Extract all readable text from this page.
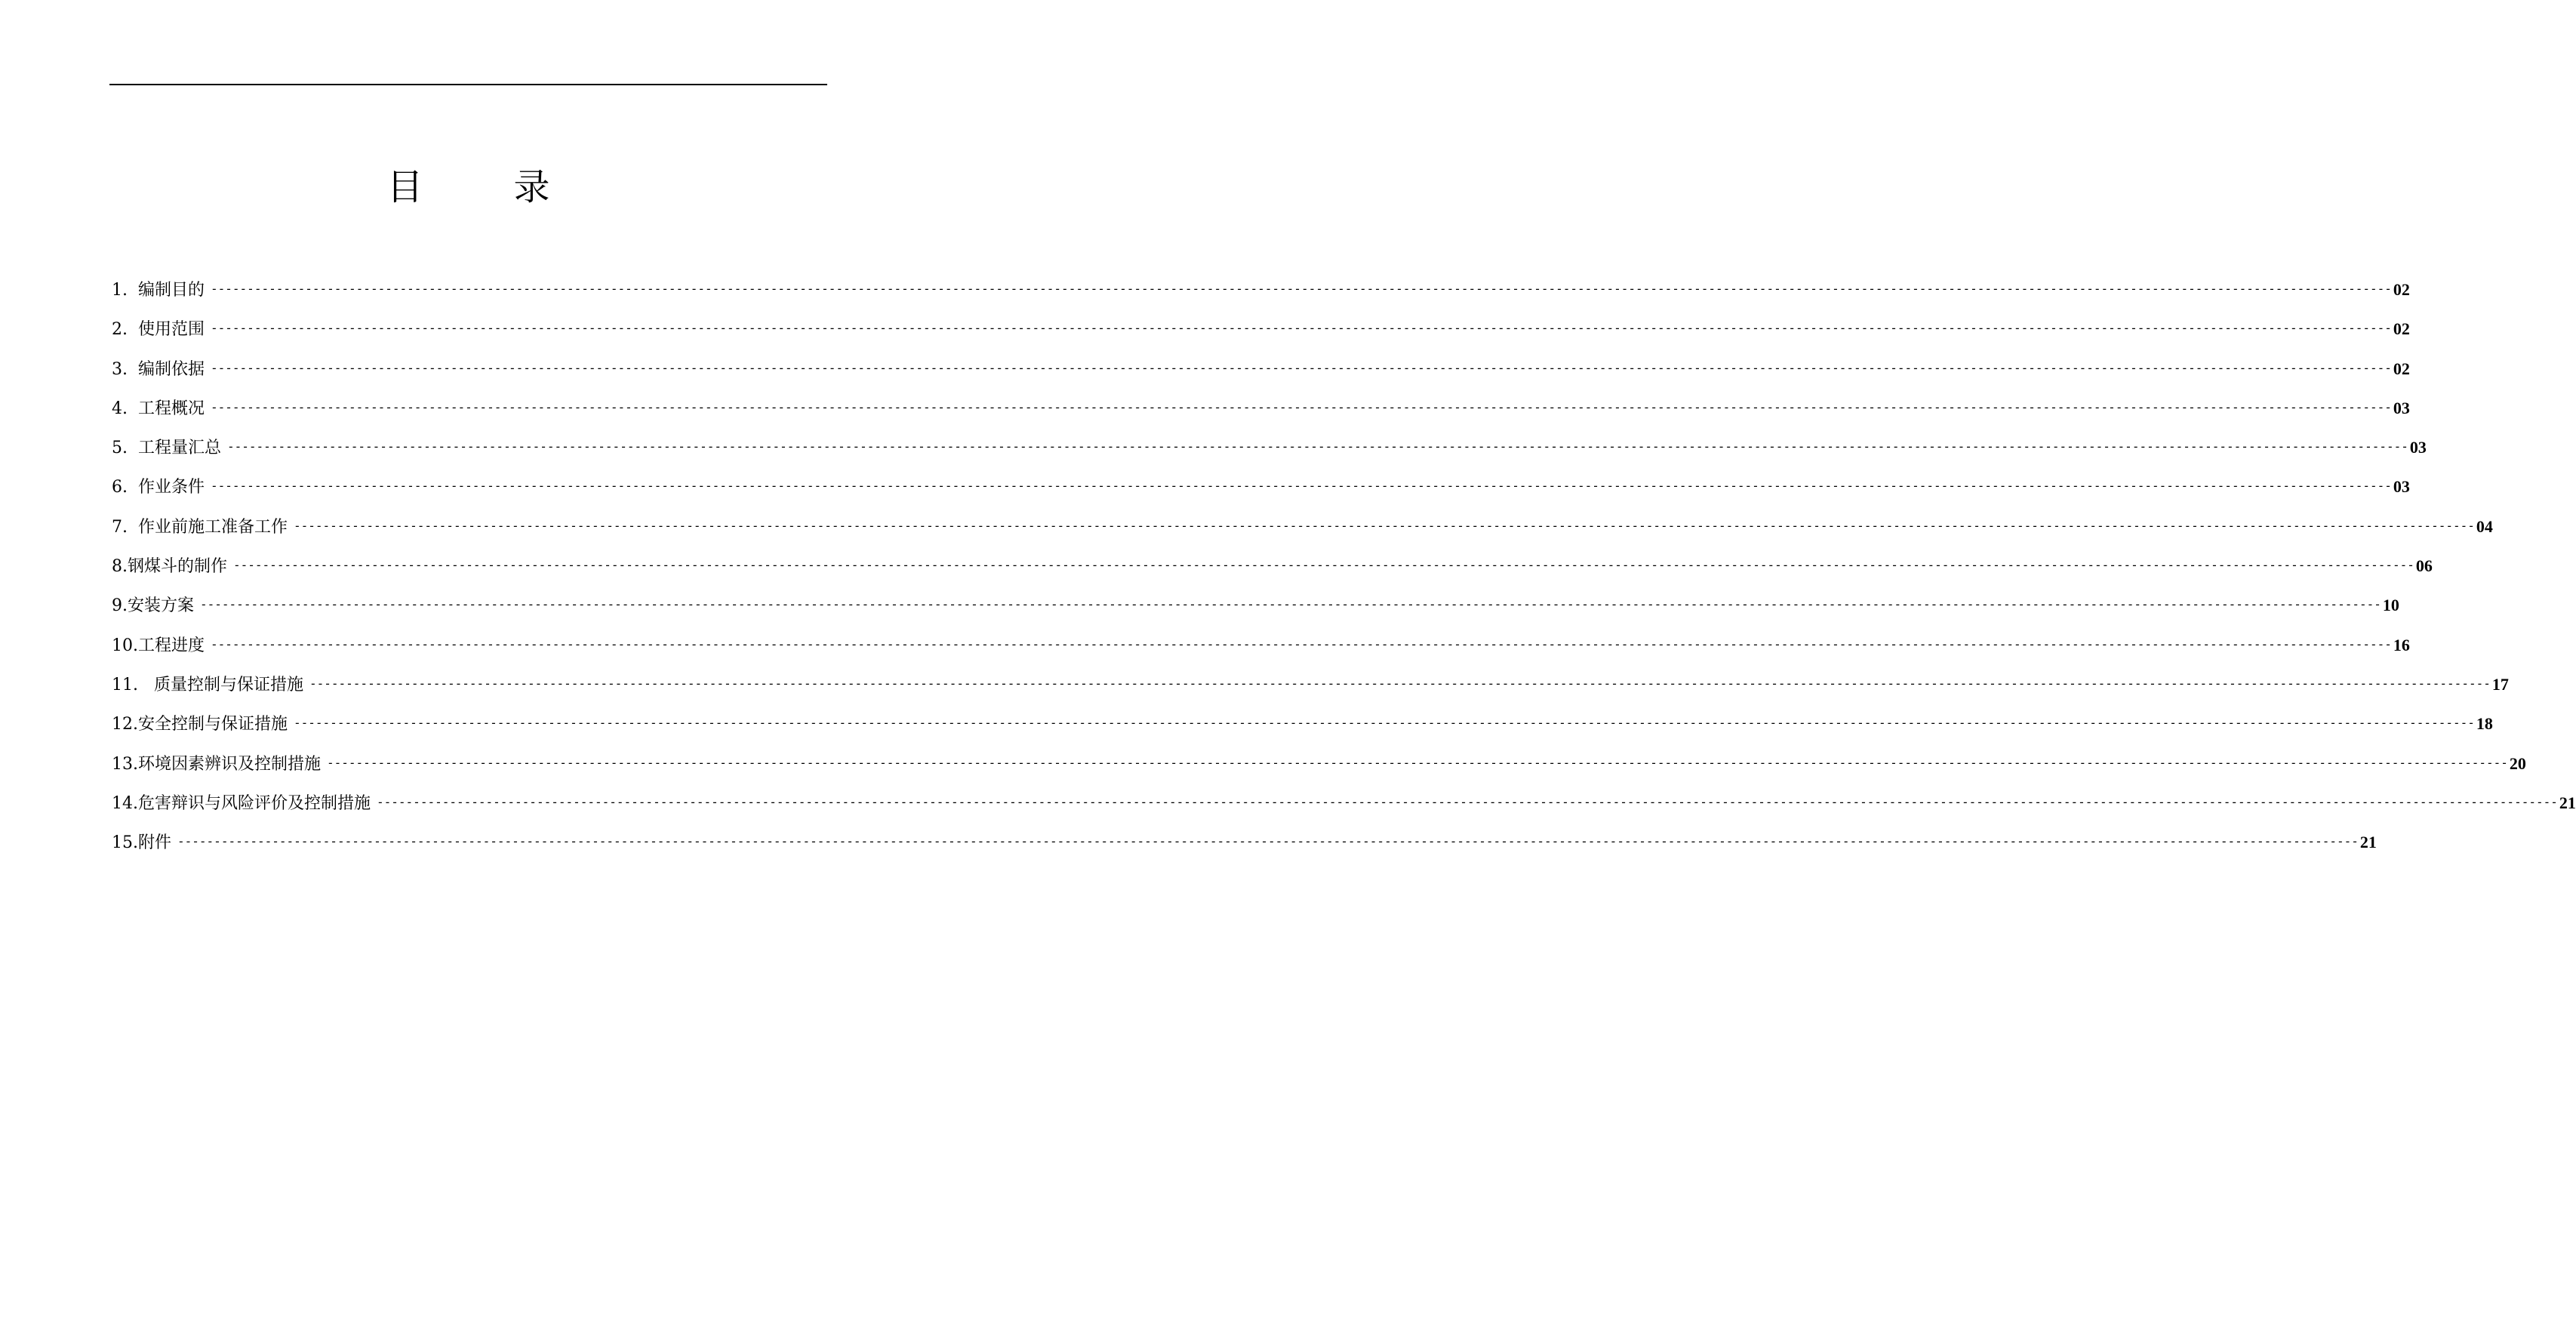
目	录
1.
编制目的 ------------------------------------------------------------------------------------------------------------------------------------------------------------------------------------------------------------------------------------------------------------------------------------------------------------ 02
2.
使用范围 ------------------------------------------------------------------------------------------------------------------------------------------------------------------------------------------------------------------------------------------------------------------------------------------------------------ 02
3.
编制依据 ------------------------------------------------------------------------------------------------------------------------------------------------------------------------------------------------------------------------------------------------------------------------------------------------------------ 02
4.
工程概况 ------------------------------------------------------------------------------------------------------------------------------------------------------------------------------------------------------------------------------------------------------------------------------------------------------------ 03
5.
工程量汇总 ------------------------------------------------------------------------------------------------------------------------------------------------------------------------------------------------------------------------------------------------------------------------------------------------------------ 03
6.
作业条件 ------------------------------------------------------------------------------------------------------------------------------------------------------------------------------------------------------------------------------------------------------------------------------------------------------------ 03
7.
作业前施工准备工作 ------------------------------------------------------------------------------------------------------------------------------------------------------------------------------------------------------------------------------------------------------------------------------------------------------------ 04
8. 钢煤斗的制作 ------------------------------------------------------------------------------------------------------------------------------------------------------------------------------------------------------------------------------------------------------------------------------------------------------------ 06
9. 安装方案 ------------------------------------------------------------------------------------------------------------------------------------------------------------------------------------------------------------------------------------------------------------------------------------------------------------ 10
10. 工程进度 ------------------------------------------------------------------------------------------------------------------------------------------------------------------------------------------------------------------------------------------------------------------------------------------------------------ 16
11.
质量控制与保证措施 ------------------------------------------------------------------------------------------------------------------------------------------------------------------------------------------------------------------------------------------------------------------------------------------------------------ 17
12. 安全控制与保证措施 ------------------------------------------------------------------------------------------------------------------------------------------------------------------------------------------------------------------------------------------------------------------------------------------------------------ 18
13. 环境因素辨识及控制措施 ------------------------------------------------------------------------------------------------------------------------------------------------------------------------------------------------------------------------------------------------------------------------------------------------------------ 20
14. 危害辩识与风险评价及控制措施 ------------------------------------------------------------------------------------------------------------------------------------------------------------------------------------------------------------------------------------------------------------------------------------------------------------ 21
15. 附件 ------------------------------------------------------------------------------------------------------------------------------------------------------------------------------------------------------------------------------------------------------------------------------------------------------------ 21
